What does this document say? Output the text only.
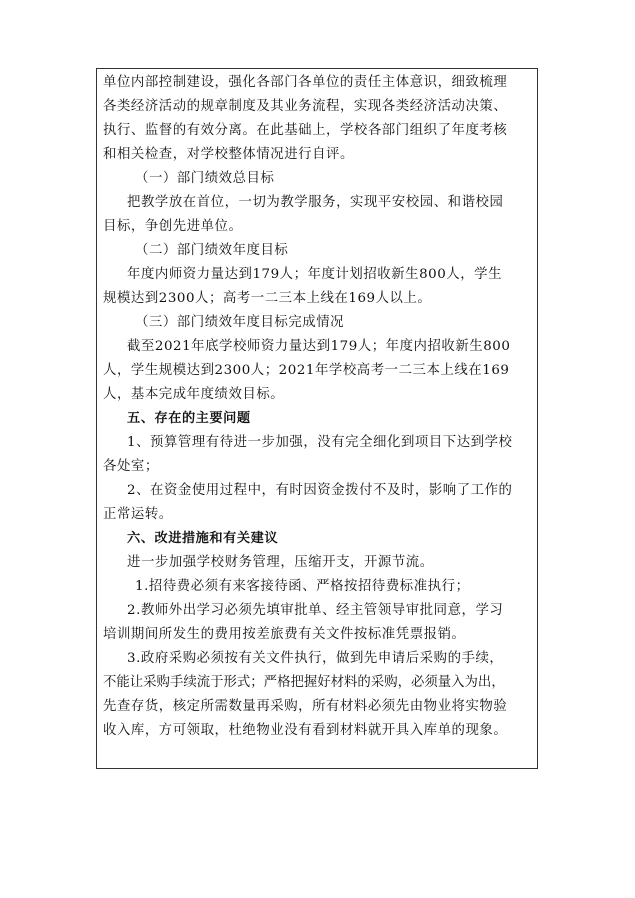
单位内部控制建设，强化各部门各单位的责任主体意识，细致梳理
各类经济活动的规章制度及其业务流程，实现各类经济活动决策、
执行、监督的有效分离。在此基础上，学校各部门组织了年度考核
和相关检查，对学校整体情况进行自评。
（一）部门绩效总目标
把教学放在首位，一切为教学服务，实现平安校园、和谐校园
目标，争创先进单位。
（二）部门绩效年度目标
年度内师资力量达到179人；年度计划招收新生800人，学生
规模达到2300人；高考一二三本上线在169人以上。
（三）部门绩效年度目标完成情况
截至2021年底学校师资力量达到179人；年度内招收新生800
人，学生规模达到2300人；2021年学校高考一二三本上线在169
人，基本完成年度绩效目标。
五、存在的主要问题
1、预算管理有待进一步加强，没有完全细化到项目下达到学校
各处室；
2、在资金使用过程中，有时因资金拨付不及时，影响了工作的
正常运转。
六、改进措施和有关建议
进一步加强学校财务管理，压缩开支，开源节流。
1.招待费必须有来客接待函、严格按招待费标准执行；
2.教师外出学习必须先填审批单、经主管领导审批同意，学习
培训期间所发生的费用按差旅费有关文件按标准凭票报销。
3.政府采购必须按有关文件执行，做到先申请后采购的手续，
不能让采购手续流于形式；严格把握好材料的采购，必须量入为出，
先查存货，核定所需数量再采购，所有材料必须先由物业将实物验
收入库，方可领取，杜绝物业没有看到材料就开具入库单的现象。
